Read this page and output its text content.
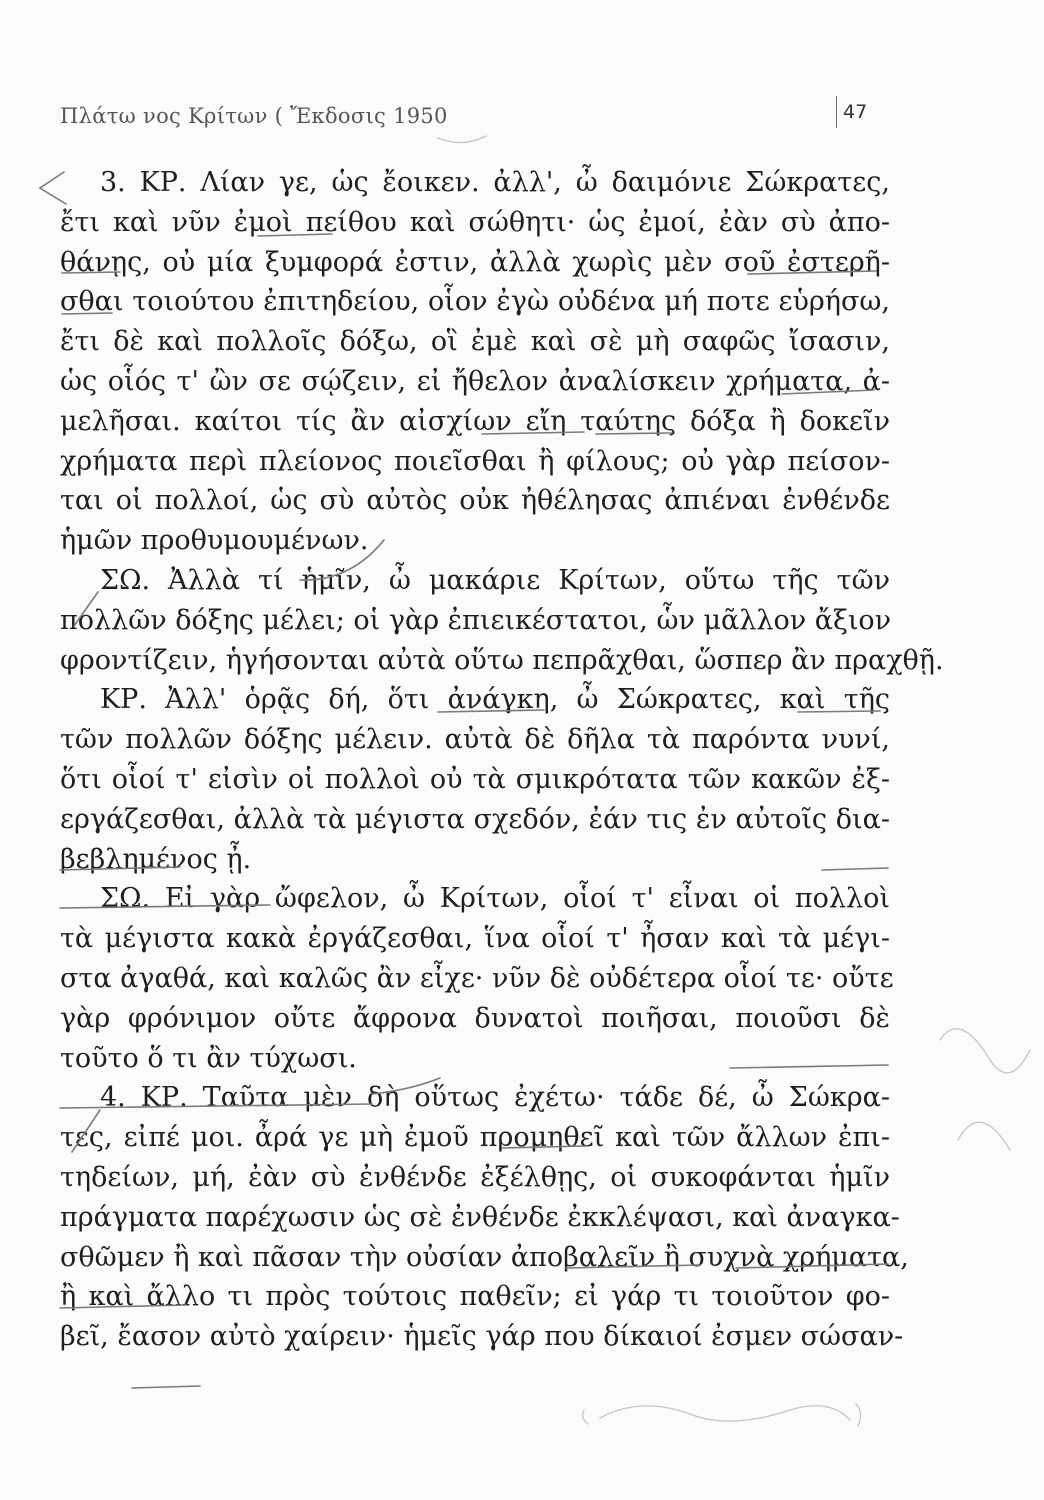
Πλάτω νος Κρίτων ( Ἔκδοσις 1950	47
3. ΚΡ. Λίαν γε, ὡς ἔοικεν. ἀλλ', ὦ δαιμόνιε Σώκρατες,
ἔτι καὶ νῦν ἐμοὶ πείθου καὶ σώθητι· ὡς ἐμοί, ἐὰν σὺ ἀπο-
θάνῃς, οὐ μία ξυμφορά ἐστιν, ἀλλὰ χωρὶς μὲν σοῦ ἐστερῆ-
σθαι τοιούτου ἐπιτηδείου, οἷον ἐγὼ οὐδένα μή ποτε εὑρήσω,
ἔτι δὲ καὶ πολλοῖς δόξω, οἳ ἐμὲ καὶ σὲ μὴ σαφῶς ἴσασιν,
ὡς οἷός τ' ὢν σε σῴζειν, εἰ ἤθελον ἀναλίσκειν χρήματα, ἀ-
μελῆσαι. καίτοι τίς ἂν αἰσχίων εἴη ταύτης δόξα ἢ δοκεῖν
χρήματα περὶ πλείονος ποιεῖσθαι ἢ φίλους; οὐ γὰρ πείσον-
ται οἱ πολλοί, ὡς σὺ αὐτὸς οὐκ ἠθέλησας ἀπιέναι ἐνθένδε
ἡμῶν προθυμουμένων.
ΣΩ. Ἀλλὰ τί ἡμῖν, ὦ μακάριε Κρίτων, οὕτω τῆς τῶν
πολλῶν δόξης μέλει; οἱ γὰρ ἐπιεικέστατοι, ὧν μᾶλλον ἄξιον
φροντίζειν, ἡγήσονται αὐτὰ οὕτω πεπρᾶχθαι, ὥσπερ ἂν πραχθῇ.
ΚΡ. Ἀλλ' ὁρᾷς δή, ὅτι ἀνάγκη, ὦ Σώκρατες, καὶ τῆς
τῶν πολλῶν δόξης μέλειν. αὐτὰ δὲ δῆλα τὰ παρόντα νυνί,
ὅτι οἷοί τ' εἰσὶν οἱ πολλοὶ οὐ τὰ σμικρότατα τῶν κακῶν ἐξ-
εργάζεσθαι, ἀλλὰ τὰ μέγιστα σχεδόν, ἐάν τις ἐν αὐτοῖς δια-
βεβλημένος ᾖ.
ΣΩ. Εἰ γὰρ ὤφελον, ὦ Κρίτων, οἷοί τ' εἶναι οἱ πολλοὶ
τὰ μέγιστα κακὰ ἐργάζεσθαι, ἵνα οἷοί τ' ἦσαν καὶ τὰ μέγι-
στα ἀγαθά, καὶ καλῶς ἂν εἶχε· νῦν δὲ οὐδέτερα οἷοί τε· οὔτε
γὰρ φρόνιμον οὔτε ἄφρονα δυνατοὶ ποιῆσαι, ποιοῦσι δὲ
τοῦτο ὅ τι ἂν τύχωσι.
4. ΚΡ. Ταῦτα μὲν δὴ οὕτως ἐχέτω· τάδε δέ, ὦ Σώκρα-
τες, εἰπέ μοι. ἆρά γε μὴ ἐμοῦ προμηθεῖ καὶ τῶν ἄλλων ἐπι-
τηδείων, μή, ἐὰν σὺ ἐνθένδε ἐξέλθῃς, οἱ συκοφάνται ἡμῖν
πράγματα παρέχωσιν ὡς σὲ ἐνθένδε ἐκκλέψασι, καὶ ἀναγκα-
σθῶμεν ἢ καὶ πᾶσαν τὴν οὐσίαν ἀποβαλεῖν ἢ συχνὰ χρήματα,
ἢ καὶ ἄλλο τι πρὸς τούτοις παθεῖν; εἰ γάρ τι τοιοῦτον φο-
βεῖ, ἔασον αὐτὸ χαίρειν· ἡμεῖς γάρ που δίκαιοί ἐσμεν σώσαν-
